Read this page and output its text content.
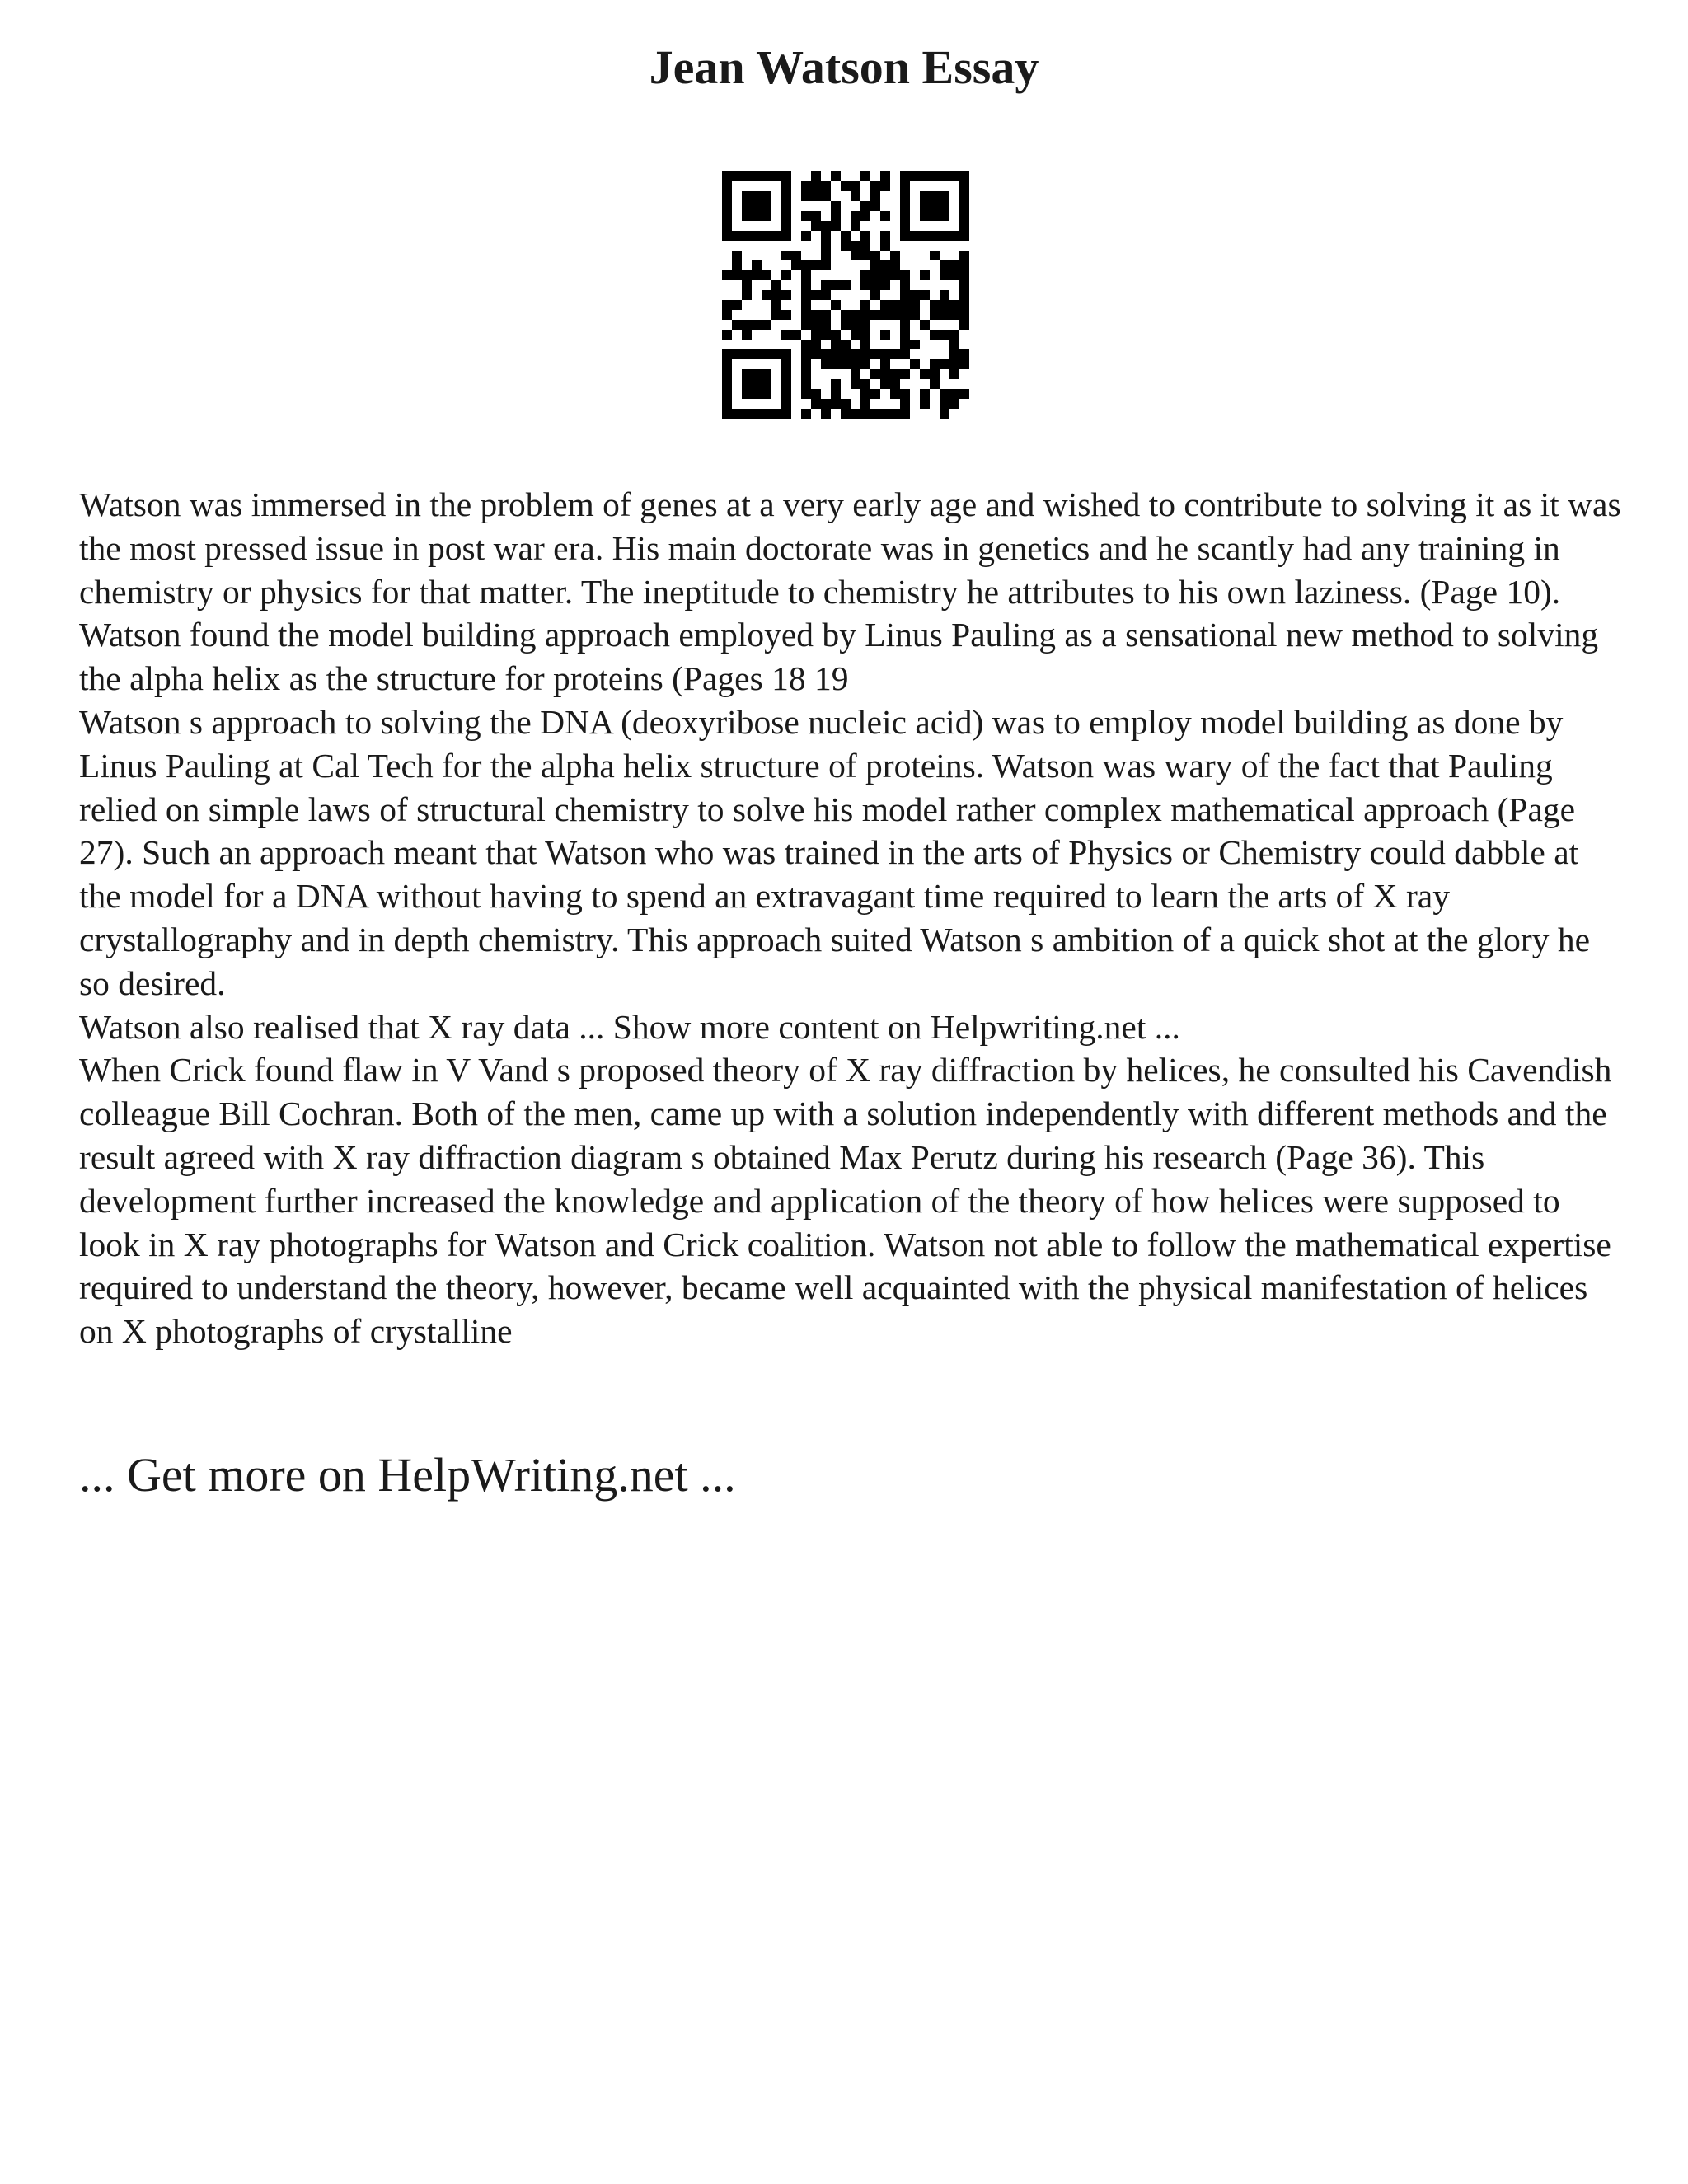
Jean Watson Essay

Watson was immersed in the problem of genes at a very early age and wished to contribute to solving it as it was the most pressed issue in post war era. His main doctorate was in genetics and he scantly had any training in chemistry or physics for that matter. The ineptitude to chemistry he attributes to his own laziness. (Page 10).

Watson found the model building approach employed by Linus Pauling as a sensational new method to solving the alpha helix as the structure for proteins (Pages 18 19

Watson s approach to solving the DNA (deoxyribose nucleic acid) was to employ model building as done by Linus Pauling at Cal Tech for the alpha helix structure of proteins. Watson was wary of the fact that Pauling relied on simple laws of structural chemistry to solve his model rather complex mathematical approach (Page 27). Such an approach meant that Watson who was trained in the arts of Physics or Chemistry could dabble at the model for a DNA without having to spend an extravagant time required to learn the arts of X ray crystallography and in depth chemistry. This approach suited Watson s ambition of a quick shot at the glory he so desired.

Watson also realised that X ray data ... Show more content on Helpwriting.net ...

When Crick found flaw in V Vand s proposed theory of X ray diffraction by helices, he consulted his Cavendish colleague Bill Cochran. Both of the men, came up with a solution independently with different methods and the result agreed with X ray diffraction diagram s obtained Max Perutz during his research (Page 36). This development further increased the knowledge and application of the theory of how helices were supposed to look in X ray photographs for Watson and Crick coalition. Watson not able to follow the mathematical expertise required to understand the theory, however, became well acquainted with the physical manifestation of helices on X photographs of crystalline

... Get more on HelpWriting.net ...
